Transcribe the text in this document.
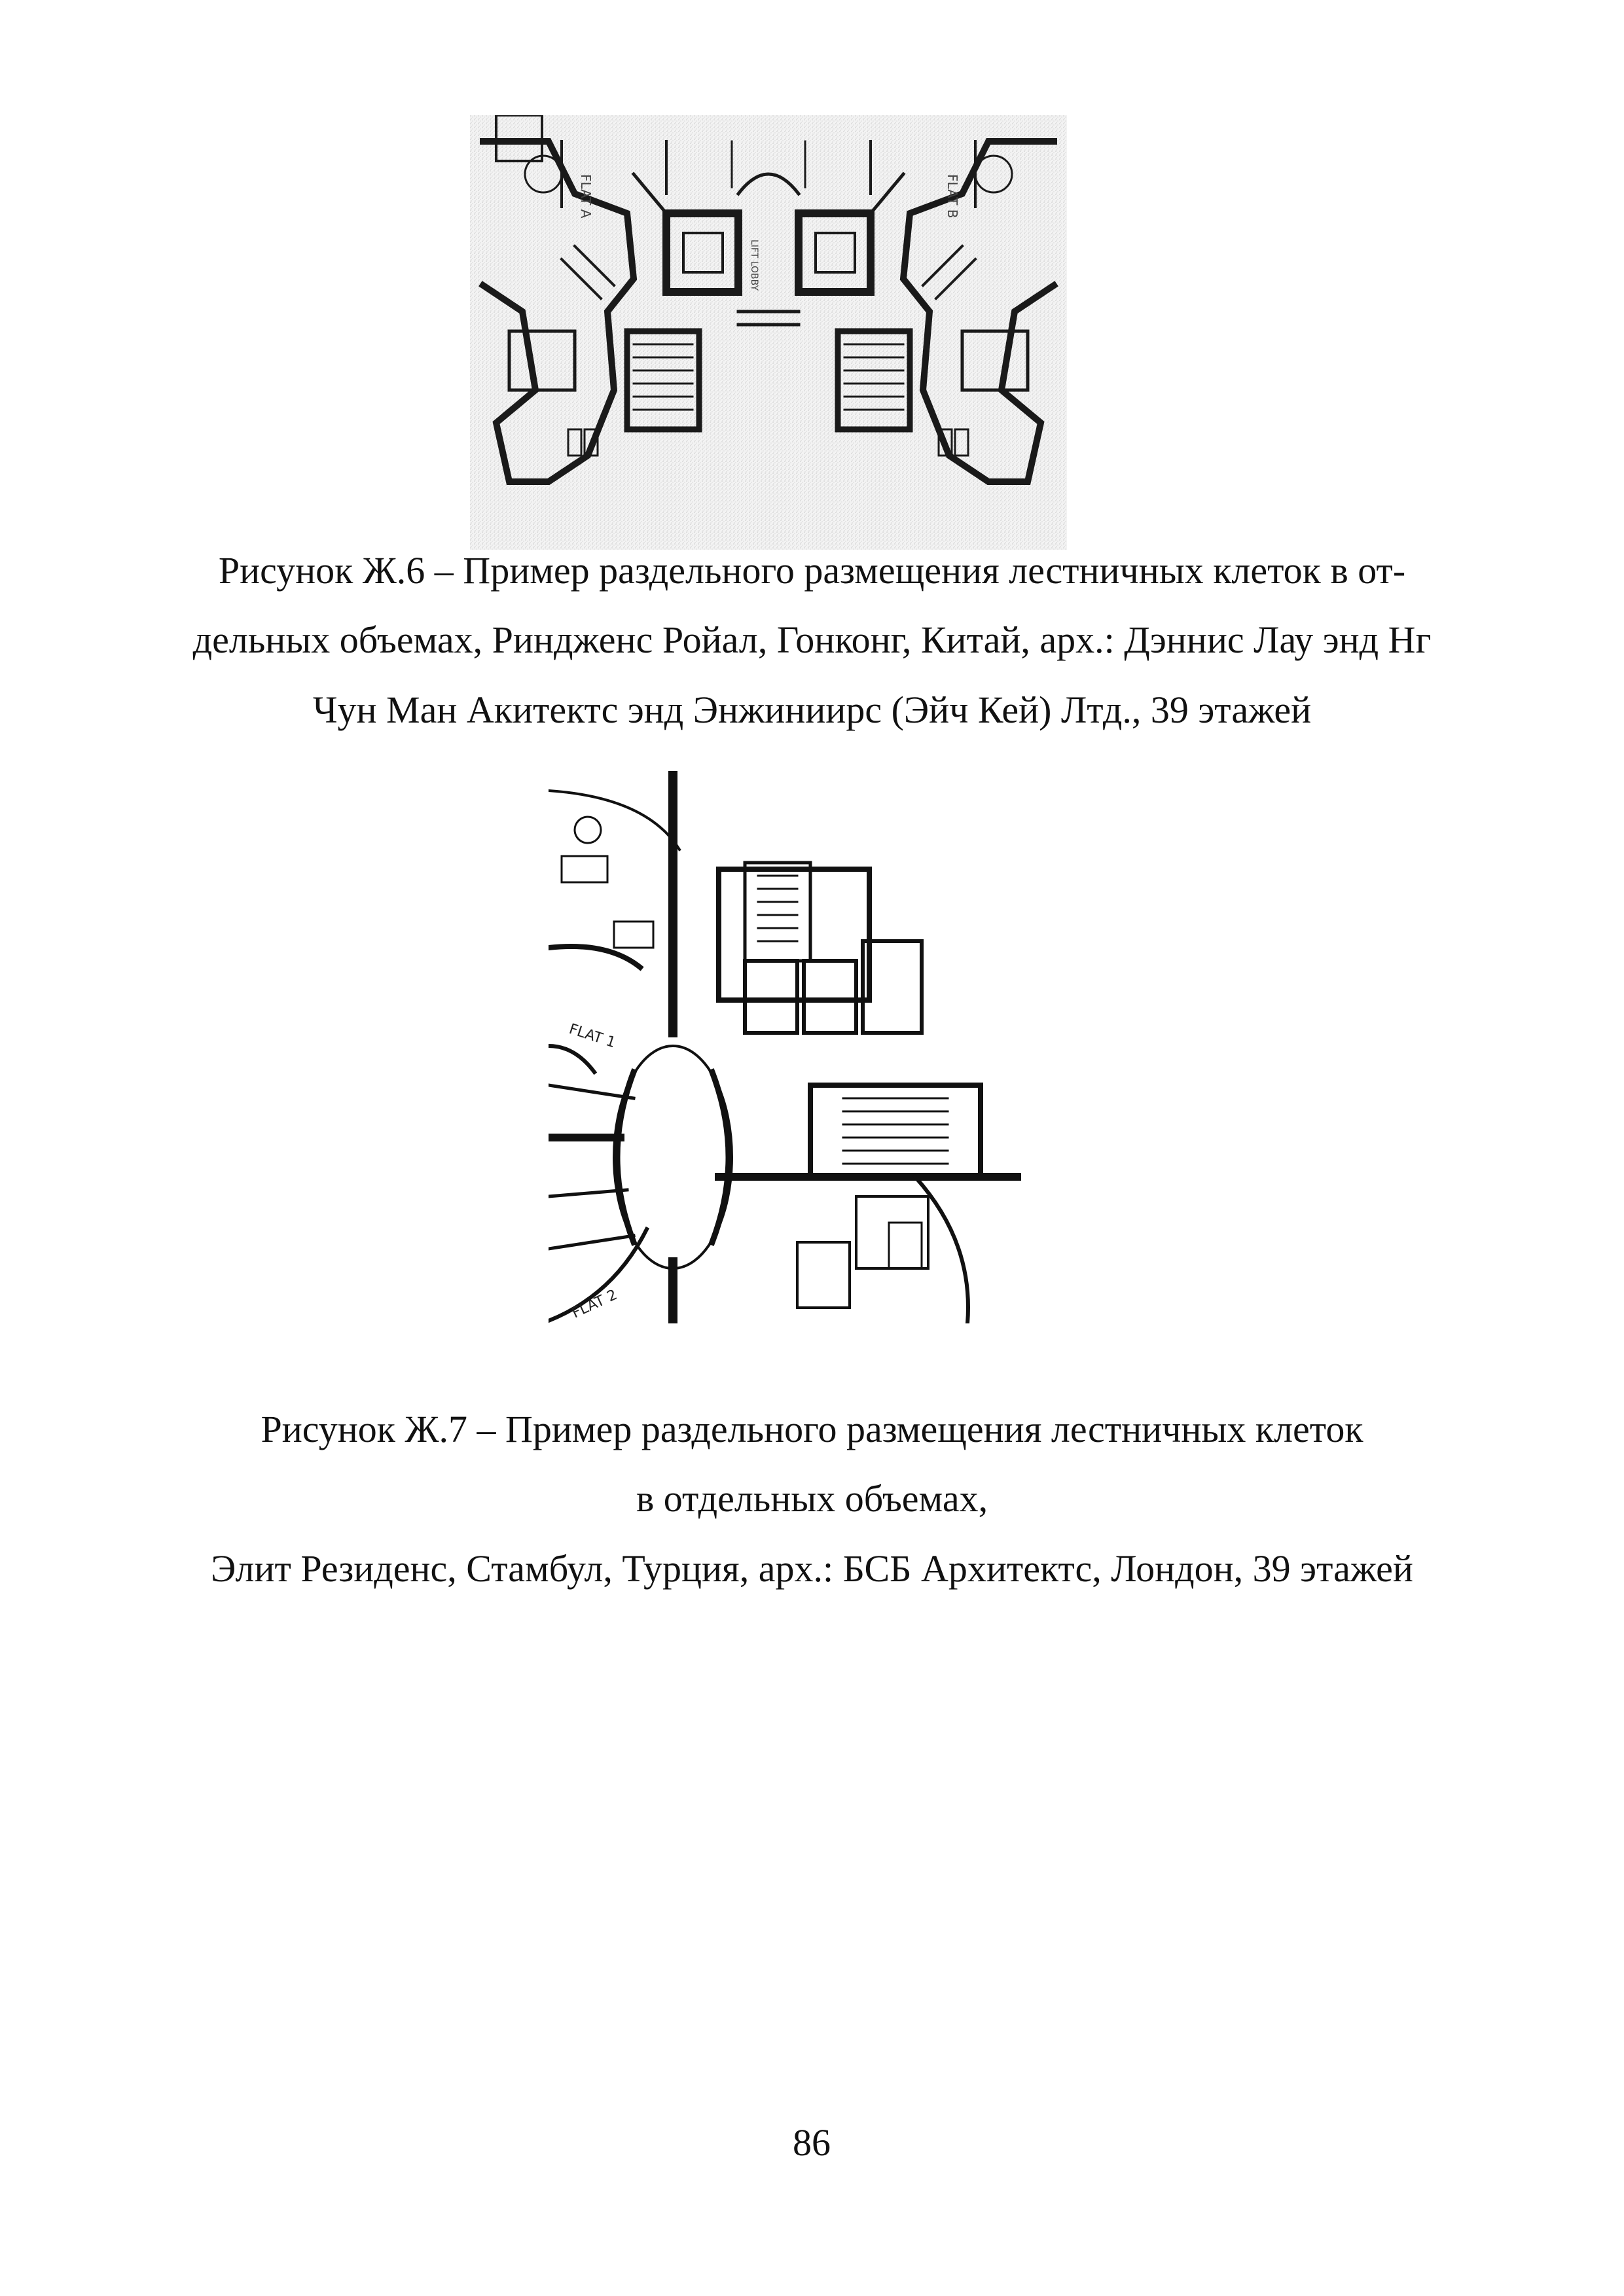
FLAT A	FLAT B
LIFT LOBBY
Рисунок Ж.6 – Пример раздельного размещения лестничных клеток в от-
дельных объемах, Риндженс Ройал, Гонконг, Китай, арх.: Дэннис Лау энд Нг
Чун Ман Акитектс энд Энжиниирс (Эйч Кей) Лтд., 39 этажей
FLAT 1
FLAT 2
Рисунок Ж.7 – Пример раздельного размещения лестничных клеток
в отдельных объемах,
Элит Резиденс, Стамбул, Турция, арх.: БСБ Архитектс, Лондон, 39 этажей
86
